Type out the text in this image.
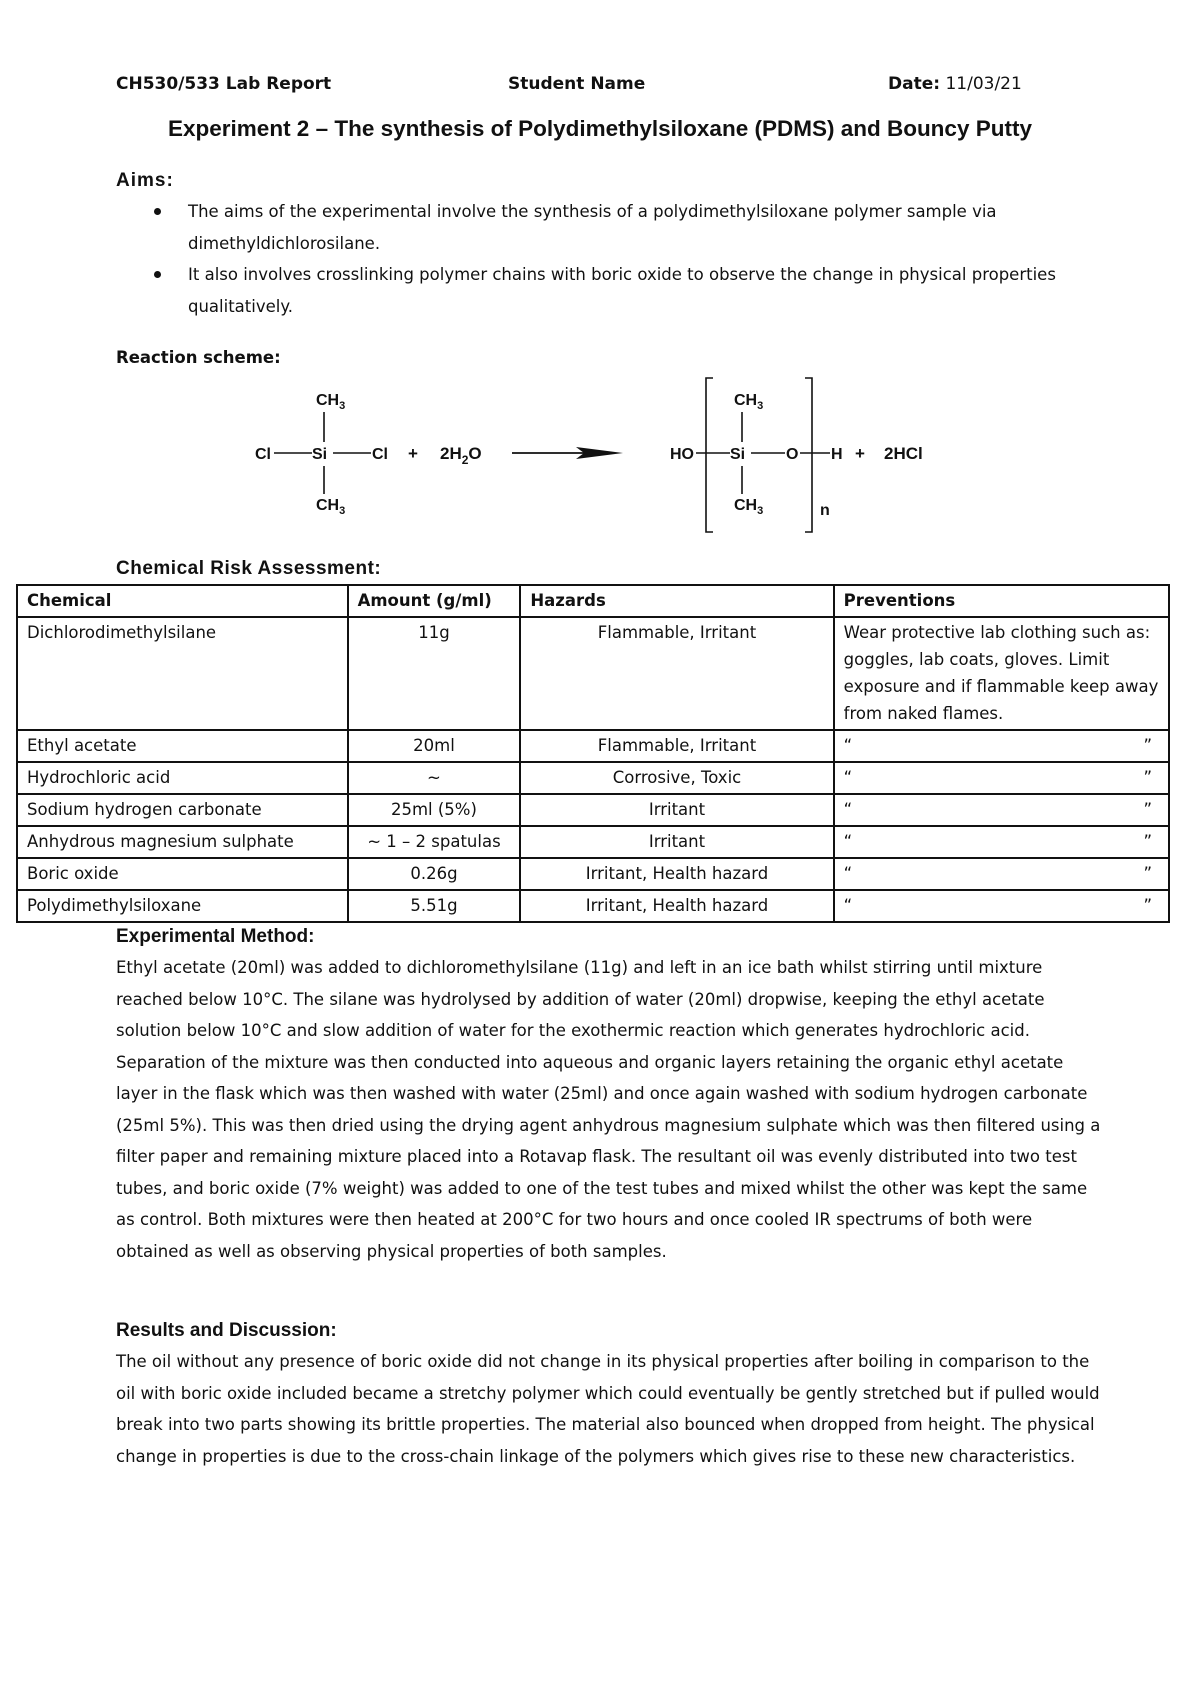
CH530/533 Lab Report	Student Name	Date: 11/03/21
Experiment 2 – The synthesis of Polydimethylsiloxane (PDMS) and Bouncy Putty
Aims:
The aims of the experimental involve the synthesis of a polydimethylsiloxane polymer sample via dimethyldichlorosilane.
It also involves crosslinking polymer chains with boric oxide to observe the change in physical properties qualitatively.
Reaction scheme:
$CH_3$
Cl	Si	Cl
$CH_3$
+ $2H_2O$	HO
$CH_3$
Si	O
$CH_3$	n
H + 2HCl
Chemical Risk Assessment:
Chemical	Amount (g/ml)	Hazards	Preventions
Dichlorodimethylsilane	11g	Flammable, Irritant	Wear protective lab clothing such as: goggles, lab coats, gloves. Limit exposure and if flammable keep away from naked flames.
Ethyl acetate	20ml	Flammable, Irritant	“ ”

Hydrochloric acid	~	Corrosive, Toxic	“ ”

Sodium hydrogen carbonate	25ml (5%)	Irritant	“ ”

Anhydrous magnesium sulphate	~ 1 – 2 spatulas	Irritant	“ ”

Boric oxide	0.26g	Irritant, Health hazard	“ ”

Polydimethylsiloxane	5.51g	Irritant, Health hazard	“ ”
Experimental Method:

Ethyl acetate (20ml) was added to dichloromethylsilane (11g) and left in an ice bath whilst stirring until mixture reached below 10°C. The silane was hydrolysed by addition of water (20ml) dropwise, keeping the ethyl acetate solution below 10°C and slow addition of water for the exothermic reaction which generates hydrochloric acid. Separation of the mixture was then conducted into aqueous and organic layers retaining the organic ethyl acetate layer in the flask which was then washed with water (25ml) and once again washed with sodium hydrogen carbonate (25ml 5%). This was then dried using the drying agent anhydrous magnesium sulphate which was then filtered using a filter paper and remaining mixture placed into a Rotavap flask. The resultant oil was evenly distributed into two test tubes, and boric oxide (7% weight) was added to one of the test tubes and mixed whilst the other was kept the same as control. Both mixtures were then heated at 200°C for two hours and once cooled IR spectrums of both were obtained as well as observing physical properties of both samples.

Results and Discussion:

The oil without any presence of boric oxide did not change in its physical properties after boiling in comparison to the oil with boric oxide included became a stretchy polymer which could eventually be gently stretched but if pulled would break into two parts showing its brittle properties. The material also bounced when dropped from height. The physical change in properties is due to the cross-chain linkage of the polymers which gives rise to these new characteristics.
